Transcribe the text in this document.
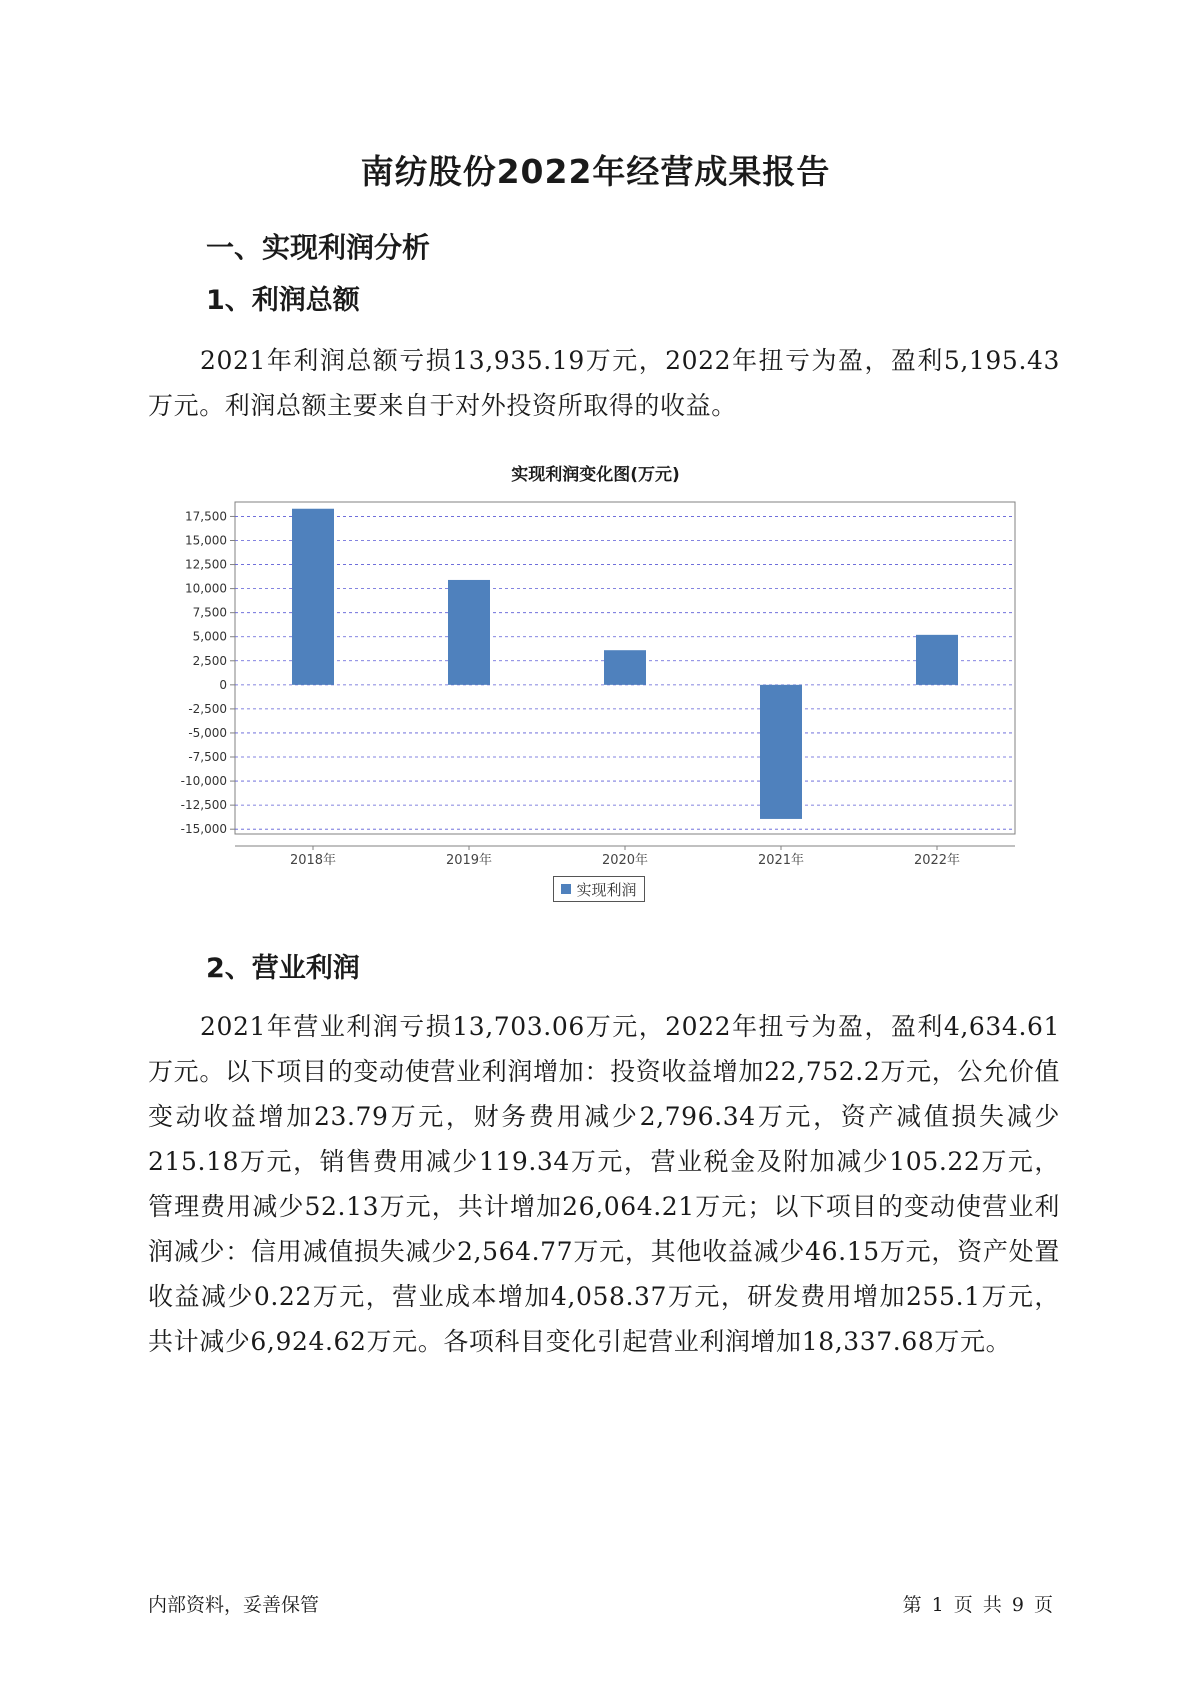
南纺股份2022年经营成果报告
一、实现利润分析
1、利润总额

2021年利润总额亏损13,935.19万元，2022年扭亏为盈，盈利5,195.43万元。利润总额主要来自于对外投资所取得的收益。

实现利润变化图(万元)
17,500
15,000
12,500
10,000
7,500
5,000
2,500
0
-2,500
-5,000
-7,500
-10,000
-12,500
-15,000
2018年	2019年	2020年	2021年	2022年
实现利润
2、营业利润

2021年营业利润亏损13,703.06万元，2022年扭亏为盈，盈利4,634.61万元。以下项目的变动使营业利润增加：投资收益增加22,752.2万元，公允价值变动收益增加23.79万元，财务费用减少2,796.34万元，资产减值损失减少215.18万元，销售费用减少119.34万元，营业税金及附加减少105.22万元，管理费用减少52.13万元，共计增加26,064.21万元；以下项目的变动使营业利润减少：信用减值损失减少2,564.77万元，其他收益减少46.15万元，资产处置收益减少0.22万元，营业成本增加4,058.37万元，研发费用增加255.1万元，共计减少6,924.62万元。各项科目变化引起营业利润增加18,337.68万元。

内部资料，妥善保管	第 1 页 共 9 页
